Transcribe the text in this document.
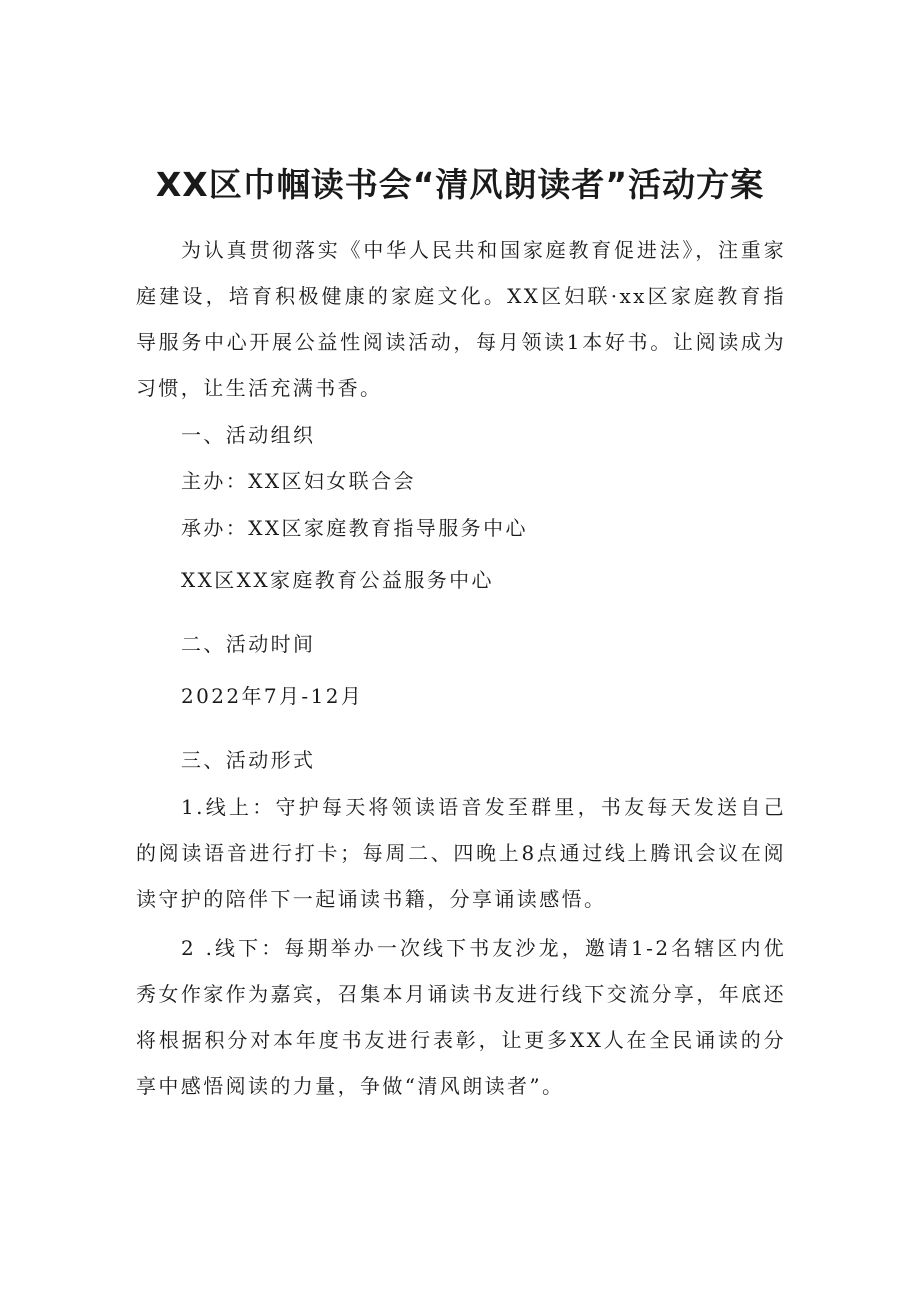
XX区巾帼读书会“清风朗读者”活动方案

为认真贯彻落实《中华人民共和国家庭教育促进法》，注重家庭建设，培育积极健康的家庭文化。XX区妇联·xx区家庭教育指导服务中心开展公益性阅读活动，每月领读1本好书。让阅读成为习惯，让生活充满书香。

一、活动组织

主办：XX区妇女联合会

承办：XX区家庭教育指导服务中心

XX区XX家庭教育公益服务中心

二、活动时间

2022年7月-12月

三、活动形式

1.线上：守护每天将领读语音发至群里，书友每天发送自己的阅读语音进行打卡；每周二、四晚上8点通过线上腾讯会议在阅读守护的陪伴下一起诵读书籍，分享诵读感悟。

2 .线下：每期举办一次线下书友沙龙，邀请1-2名辖区内优秀女作家作为嘉宾，召集本月诵读书友进行线下交流分享，年底还将根据积分对本年度书友进行表彰，让更多XX人在全民诵读的分享中感悟阅读的力量，争做“清风朗读者”。
